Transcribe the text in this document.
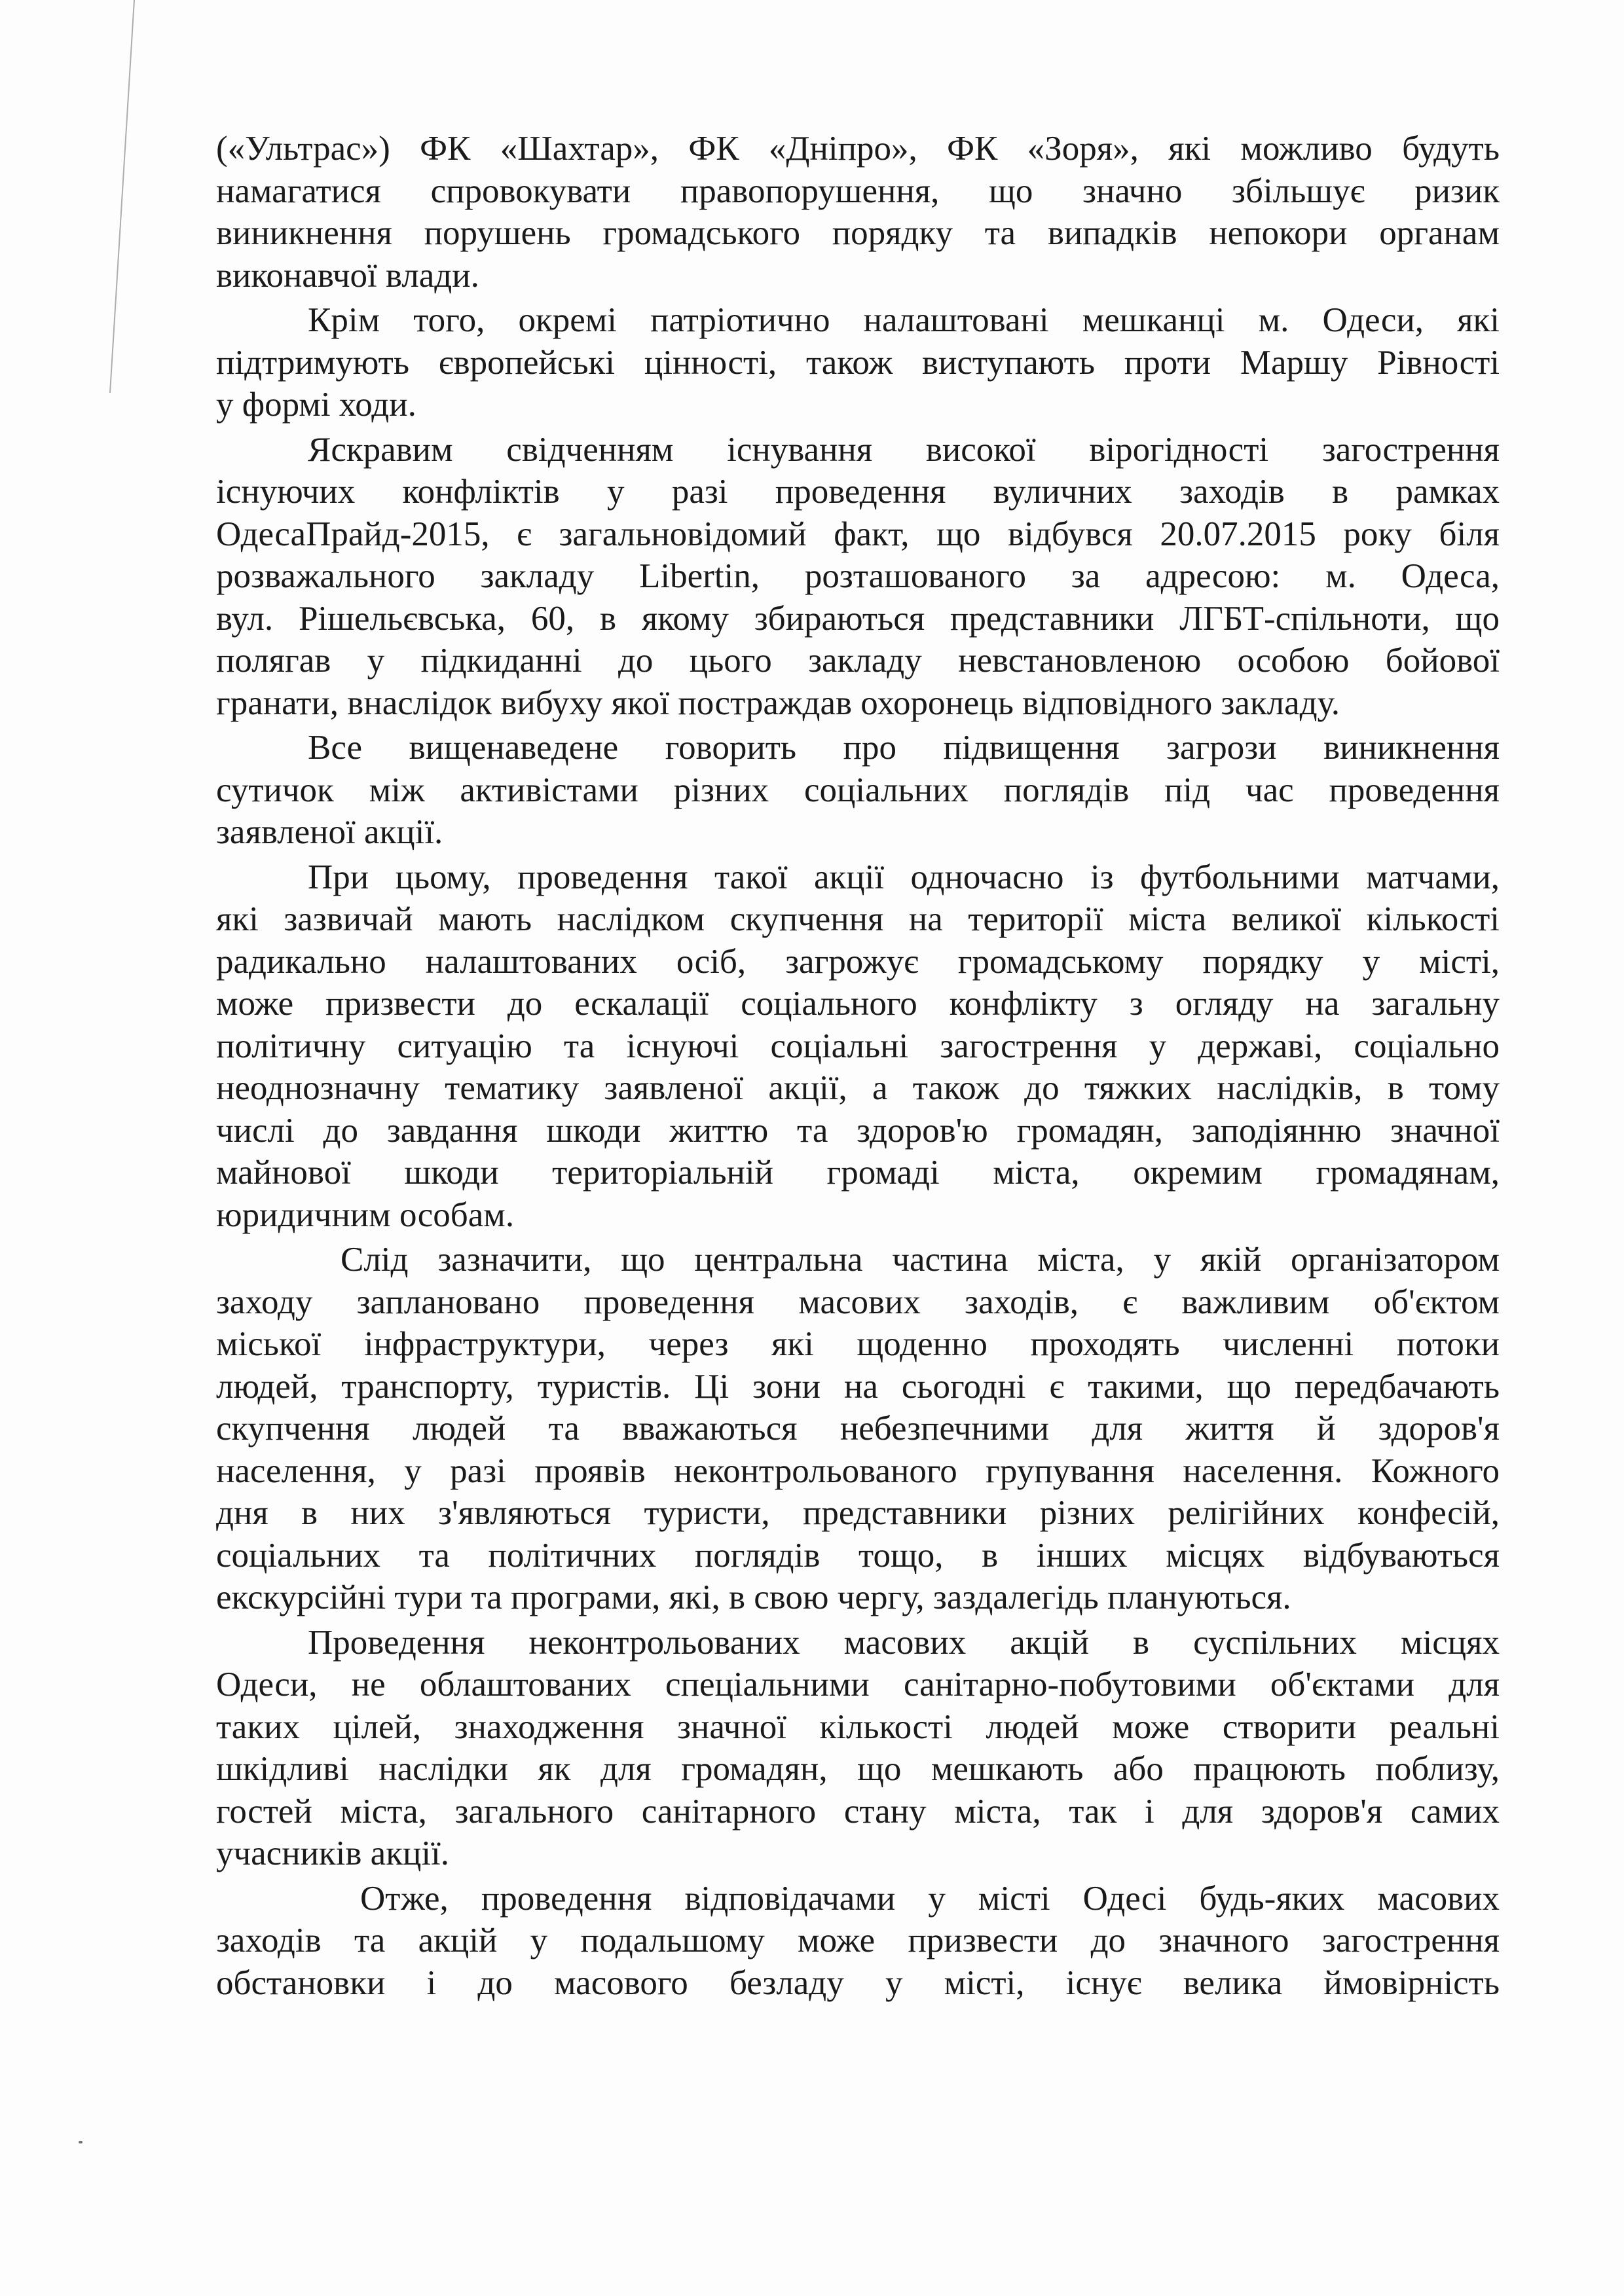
(«Ультрас») ФК «Шахтар», ФК «Дніпро», ФК «Зоря», які можливо будуть
намагатися спровокувати правопорушення, що значно збільшує ризик
виникнення порушень громадського порядку та випадків непокори органам
виконавчої влади.
Крім того, окремі патріотично налаштовані мешканці м. Одеси, які
підтримують європейські цінності, також виступають проти Маршу Рівності
у формі ходи.
Яскравим свідченням існування високої вірогідності загострення
існуючих конфліктів у разі проведення вуличних заходів в рамках
ОдесаПрайд-2015, є загальновідомий факт, що відбувся 20.07.2015 року біля
розважального закладу Libertin, розташованого за адресою: м. Одеса,
вул. Рішельєвська, 60, в якому збираються представники ЛГБТ-спільноти, що
полягав у підкиданні до цього закладу невстановленою особою бойової
гранати, внаслідок вибуху якої постраждав охоронець відповідного закладу.
Все вищенаведене говорить про підвищення загрози виникнення
сутичок між активістами різних соціальних поглядів під час проведення
заявленої акції.
При цьому, проведення такої акції одночасно із футбольними матчами,
які зазвичай мають наслідком скупчення на території міста великої кількості
радикально налаштованих осіб, загрожує громадському порядку у місті,
може призвести до ескалації соціального конфлікту з огляду на загальну
політичну ситуацію та існуючі соціальні загострення у державі, соціально
неоднозначну тематику заявленої акції, а також до тяжких наслідків, в тому
числі до завдання шкоди життю та здоров'ю громадян, заподіянню значної
майнової шкоди територіальній громаді міста, окремим громадянам,
юридичним особам.
Слід зазначити, що центральна частина міста, у якій організатором
заходу заплановано проведення масових заходів, є важливим об'єктом
міської інфраструктури, через які щоденно проходять численні потоки
людей, транспорту, туристів. Ці зони на сьогодні є такими, що передбачають
скупчення людей та вважаються небезпечними для життя й здоров'я
населення, у разі проявів неконтрольованого групування населення. Кожного
дня в них з'являються туристи, представники різних релігійних конфесій,
соціальних та політичних поглядів тощо, в інших місцях відбуваються
екскурсійні тури та програми, які, в свою чергу, заздалегідь плануються.
Проведення неконтрольованих масових акцій в суспільних місцях
Одеси, не облаштованих спеціальними санітарно-побутовими об'єктами для
таких цілей, знаходження значної кількості людей може створити реальні
шкідливі наслідки як для громадян, що мешкають або працюють поблизу,
гостей міста, загального санітарного стану міста, так і для здоров'я самих
учасників акції.
Отже, проведення відповідачами у місті Одесі будь-яких масових
заходів та акцій у подальшому може призвести до значного загострення
обстановки і до масового безладу у місті, існує велика ймовірність
